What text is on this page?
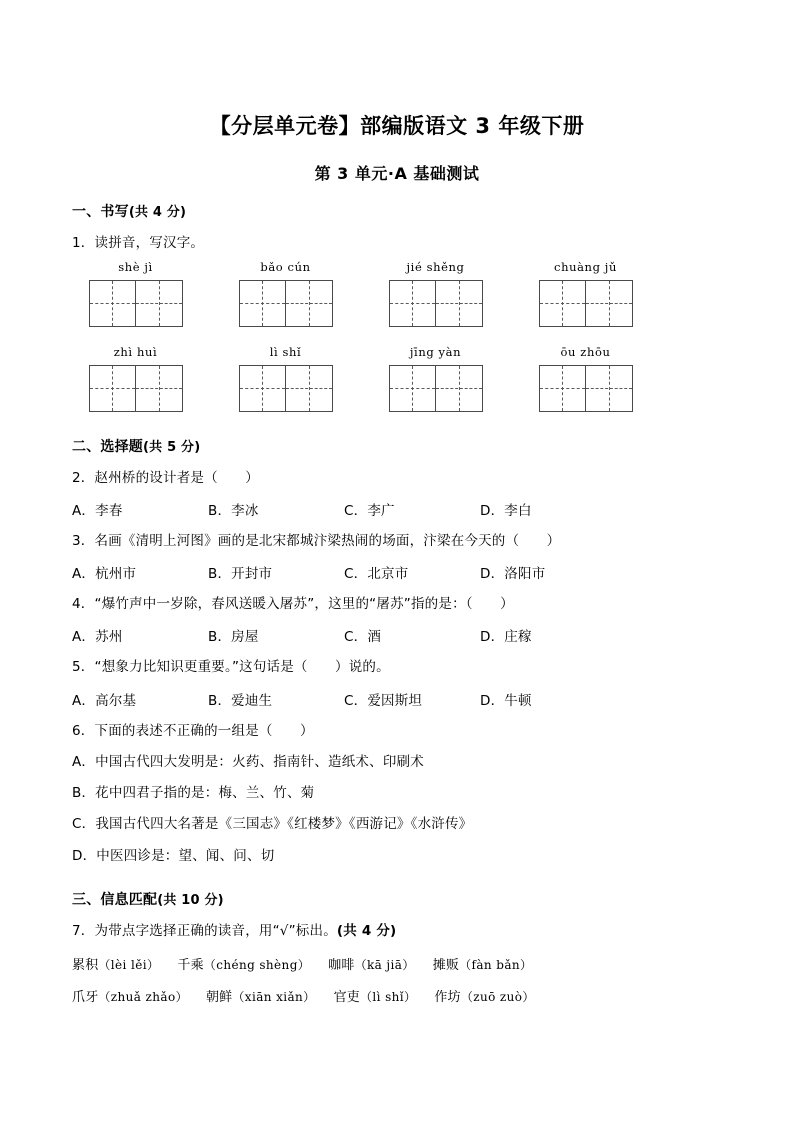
【分层单元卷】部编版语文 3 年级下册
第 3 单元·A 基础测试
一、书写(共 4 分)
1．读拼音，写汉字。
shè jì	bǎo cún	jié shěng	chuàng jǔ
zhì huì	lì shǐ	jīng yàn	ōu zhōu
二、选择题(共 5 分)
2．赵州桥的设计者是（　　）
A．李春	B．李冰	C．李广	D．李白
3．名画《清明上河图》画的是北宋都城汴梁热闹的场面，汴梁在今天的（　　）
A．杭州市	B．开封市	C．北京市	D．洛阳市
4．“爆竹声中一岁除，春风送暖入屠苏”，这里的“屠苏”指的是：（　　）
A．苏州	B．房屋	C．酒	D．庄稼
5．“想象力比知识更重要。”这句话是（　　）说的。
A．高尔基	B．爱迪生	C．爱因斯坦	D．牛顿
6．下面的表述不正确的一组是（　　）
A．中国古代四大发明是：火药、指南针、造纸术、印刷术
B．花中四君子指的是：梅、兰、竹、菊
C．我国古代四大名著是《三国志》《红楼梦》《西游记》《水浒传》
D．中医四诊是：望、闻、问、切
三、信息匹配(共 10 分)
7．为带点字选择正确的读音，用“√”标出。(共 4 分)
累积（lèi lěi） 千乘（chéng shèng） 咖啡（kā jiā） 摊贩（fàn bǎn）
爪牙（zhuǎ zhǎo） 朝鲜（xiān xiǎn） 官吏（lì shǐ） 作坊（zuō zuò）
